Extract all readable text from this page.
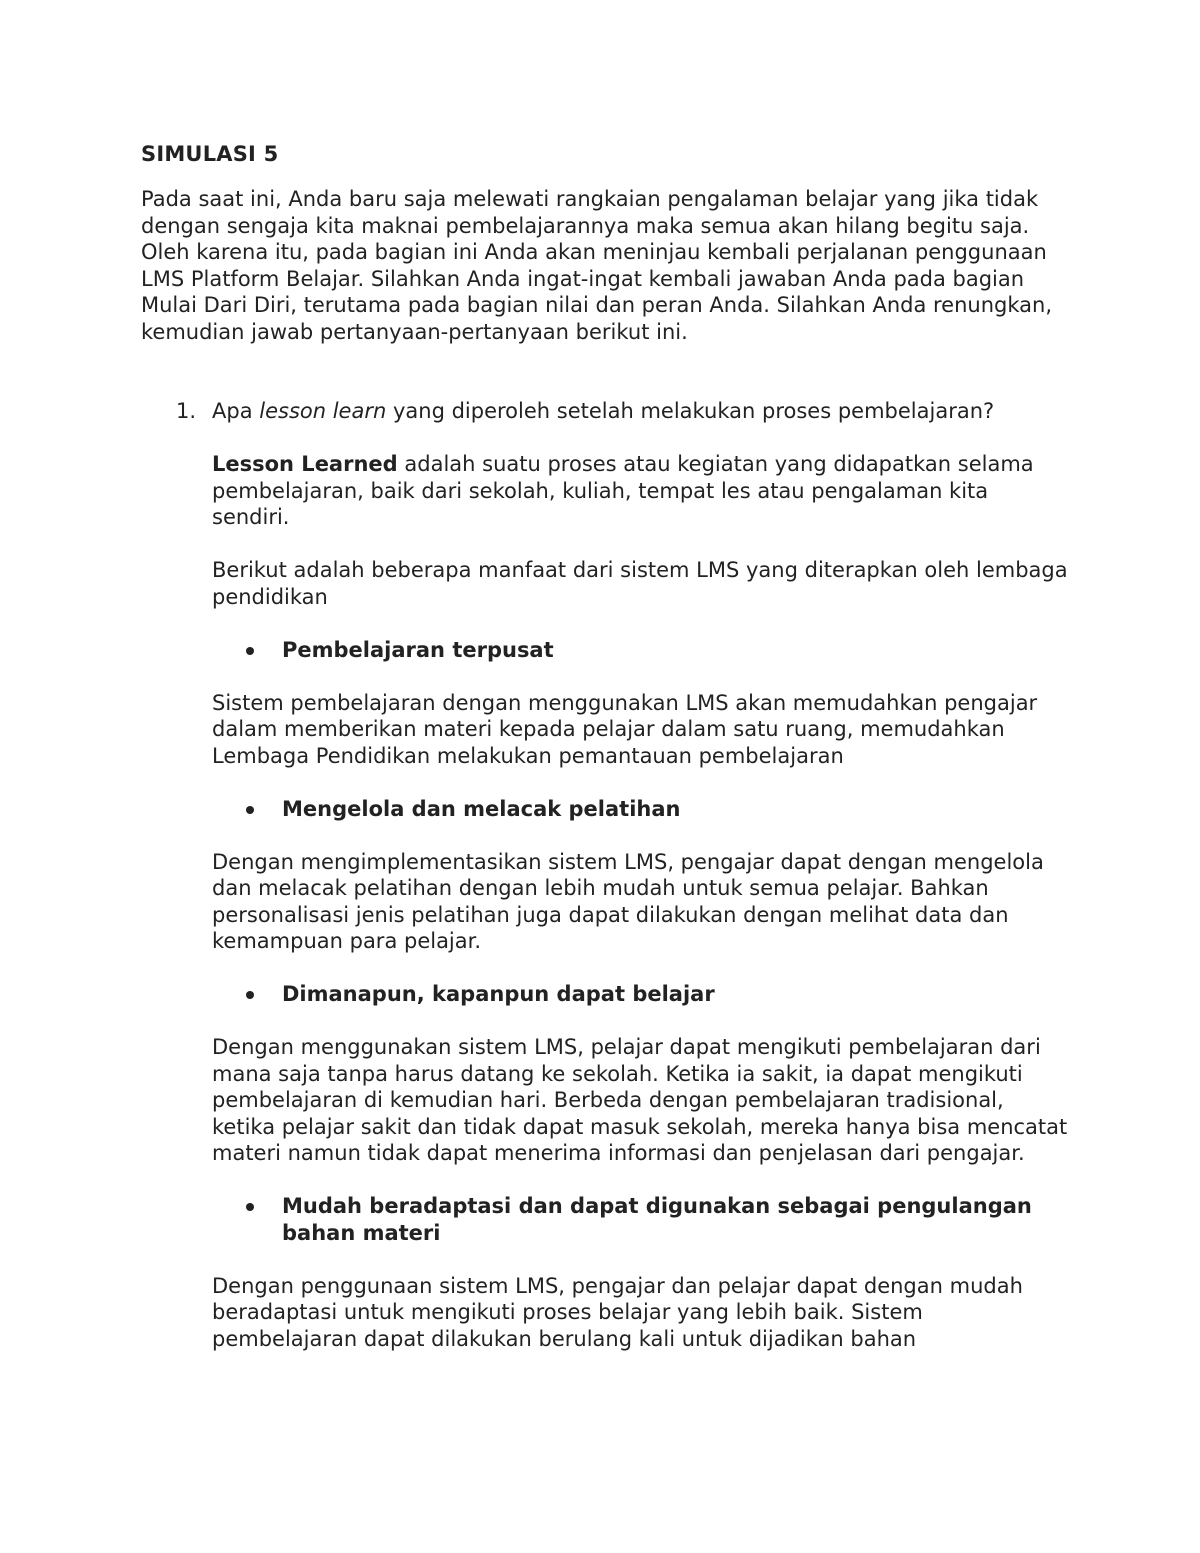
SIMULASI 5
Pada saat ini, Anda baru saja melewati rangkaian pengalaman belajar yang jika tidak dengan sengaja kita maknai pembelajarannya maka semua akan hilang begitu saja. Oleh karena itu, pada bagian ini Anda akan meninjau kembali perjalanan penggunaan LMS Platform Belajar. Silahkan Anda ingat-ingat kembali jawaban Anda pada bagian Mulai Dari Diri, terutama pada bagian nilai dan peran Anda. Silahkan Anda renungkan, kemudian jawab pertanyaan-pertanyaan berikut ini.
1. Apa lesson learn yang diperoleh setelah melakukan proses pembelajaran?

Lesson Learned adalah suatu proses atau kegiatan yang didapatkan selama pembelajaran, baik dari sekolah, kuliah, tempat les atau pengalaman kita sendiri.

Berikut adalah beberapa manfaat dari sistem LMS yang diterapkan oleh lembaga pendidikan

Pembelajaran terpusat

Sistem pembelajaran dengan menggunakan LMS akan memudahkan pengajar dalam memberikan materi kepada pelajar dalam satu ruang, memudahkan Lembaga Pendidikan melakukan pemantauan pembelajaran

Mengelola dan melacak pelatihan

Dengan mengimplementasikan sistem LMS, pengajar dapat dengan mengelola dan melacak pelatihan dengan lebih mudah untuk semua pelajar. Bahkan personalisasi jenis pelatihan juga dapat dilakukan dengan melihat data dan kemampuan para pelajar.

Dimanapun, kapanpun dapat belajar

Dengan menggunakan sistem LMS, pelajar dapat mengikuti pembelajaran dari mana saja tanpa harus datang ke sekolah. Ketika ia sakit, ia dapat mengikuti pembelajaran di kemudian hari. Berbeda dengan pembelajaran tradisional, ketika pelajar sakit dan tidak dapat masuk sekolah, mereka hanya bisa mencatat materi namun tidak dapat menerima informasi dan penjelasan dari pengajar.

Mudah beradaptasi dan dapat digunakan sebagai pengulangan bahan materi

Dengan penggunaan sistem LMS, pengajar dan pelajar dapat dengan mudah beradaptasi untuk mengikuti proses belajar yang lebih baik. Sistem pembelajaran dapat dilakukan berulang kali untuk dijadikan bahan
